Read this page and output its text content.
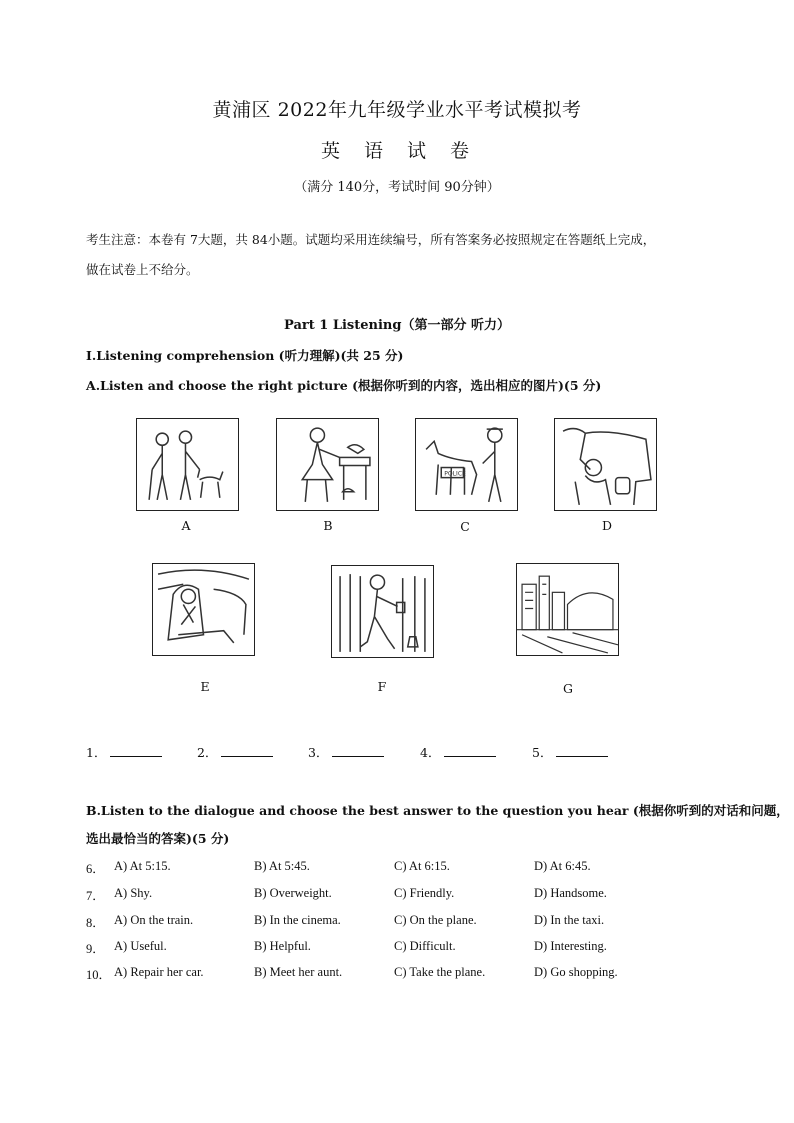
黄浦区 2022年九年级学业水平考试模拟考
英 语 试 卷
（满分 140分，考试时间 90分钟）
考生注意：本卷有 7大题，共 84小题。试题均采用连续编号，所有答案务必按照规定在答题纸上完成，
做在试卷上不给分。
Part 1 Listening（第一部分 听力）
Ⅰ.Listening comprehension (听力理解)(共 25 分)
A.Listen and choose the right picture (根据你听到的内容，选出相应的图片)(5 分)
A	B
POLICE
C	D
E	F	G
1．	2．	3．	4．	5．
B.Listen to the dialogue and choose the best answer to the question you hear (根据你听到的对话和问题，
选出最恰当的答案)(5 分)
6． A) At 5:15.	B) At 5:45.	C) At 6:15.	D) At 6:45.
7． A) Shy.	B) Overweight.	C) Friendly.	D) Handsome.
8． A) On the train.	B) In the cinema.	C) On the plane.	D) In the taxi.
9． A) Useful.	B) Helpful.	C) Difficult.	D) Interesting.
10． A) Repair her car.	B) Meet her aunt.	C) Take the plane.	D) Go shopping.
